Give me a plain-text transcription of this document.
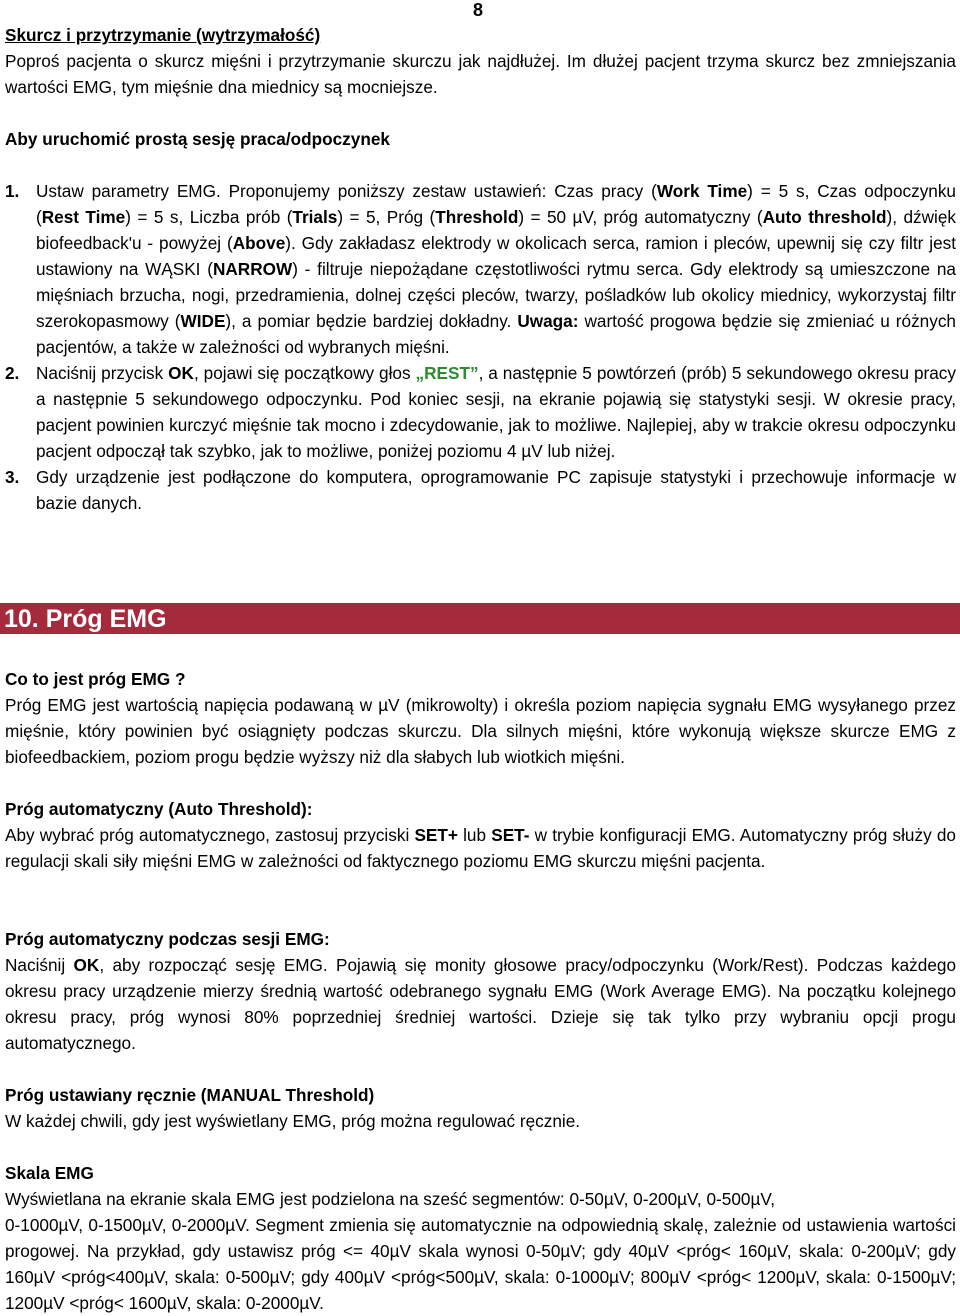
8

Skurcz i przytrzymanie (wytrzymałość)

Poproś pacjenta o skurcz mięśni i przytrzymanie skurczu jak najdłużej. Im dłużej pacjent trzyma skurcz bez zmniejszania wartości EMG, tym mięśnie dna miednicy są mocniejsze.

Aby uruchomić prostą sesję praca/odpoczynek

1. Ustaw parametry EMG. Proponujemy poniższy zestaw ustawień: Czas pracy (Work Time) = 5 s, Czas odpoczynku (Rest Time) = 5 s, Liczba prób (Trials) = 5, Próg (Threshold) = 50 µV, próg automatyczny (Auto threshold), dźwięk biofeedback'u - powyżej (Above). Gdy zakładasz elektrody w okolicach serca, ramion i pleców, upewnij się czy filtr jest ustawiony na WĄSKI (NARROW) - filtruje niepożądane częstotliwości rytmu serca. Gdy elektrody są umieszczone na mięśniach brzucha, nogi, przedramienia, dolnej części pleców, twarzy, pośladków lub okolicy miednicy, wykorzystaj filtr szerokopasmowy (WIDE), a pomiar będzie bardziej dokładny. Uwaga: wartość progowa będzie się zmieniać u różnych pacjentów, a także w zależności od wybranych mięśni.
2. Naciśnij przycisk OK, pojawi się początkowy głos „REST”, a następnie 5 powtórzeń (prób) 5 sekundowego okresu pracy a następnie 5 sekundowego odpoczynku. Pod koniec sesji, na ekranie pojawią się statystyki sesji. W okresie pracy, pacjent powinien kurczyć mięśnie tak mocno i zdecydowanie, jak to możliwe. Najlepiej, aby w trakcie okresu odpoczynku pacjent odpoczął tak szybko, jak to możliwe, poniżej poziomu 4 µV lub niżej.
3. Gdy urządzenie jest podłączone do komputera, oprogramowanie PC zapisuje statystyki i przechowuje informacje w bazie danych.
10. Próg EMG

Co to jest próg EMG ?

Próg EMG jest wartością napięcia podawaną w µV (mikrowolty) i określa poziom napięcia sygnału EMG wysyłanego przez mięśnie, który powinien być osiągnięty podczas skurczu. Dla silnych mięśni, które wykonują większe skurcze EMG z biofeedbackiem, poziom progu będzie wyższy niż dla słabych lub wiotkich mięśni.

Próg automatyczny (Auto Threshold):

Aby wybrać próg automatycznego, zastosuj przyciski SET+ lub SET- w trybie konfiguracji EMG. Automatyczny próg służy do regulacji skali siły mięśni EMG w zależności od faktycznego poziomu EMG skurczu mięśni pacjenta.

Próg automatyczny podczas sesji EMG:

Naciśnij OK, aby rozpocząć sesję EMG. Pojawią się monity głosowe pracy/odpoczynku (Work/Rest). Podczas każdego okresu pracy urządzenie mierzy średnią wartość odebranego sygnału EMG (Work Average EMG). Na początku kolejnego okresu pracy, próg wynosi 80% poprzedniej średniej wartości. Dzieje się tak tylko przy wybraniu opcji progu automatycznego.

Próg ustawiany ręcznie (MANUAL Threshold)

W każdej chwili, gdy jest wyświetlany EMG, próg można regulować ręcznie.

Skala EMG

Wyświetlana na ekranie skala EMG jest podzielona na sześć segmentów: 0-50µV, 0-200µV, 0-500µV,

0-1000µV, 0-1500µV, 0-2000µV. Segment zmienia się automatycznie na odpowiednią skalę, zależnie od ustawienia wartości progowej. Na przykład, gdy ustawisz próg <= 40µV skala wynosi 0-50µV; gdy 40µV <próg< 160µV, skala: 0-200µV; gdy 160µV <próg<400µV, skala: 0-500µV; gdy 400µV <próg<500µV, skala: 0-1000µV; 800µV <próg< 1200µV, skala: 0-1500µV; 1200µV <próg< 1600µV, skala: 0-2000µV.
